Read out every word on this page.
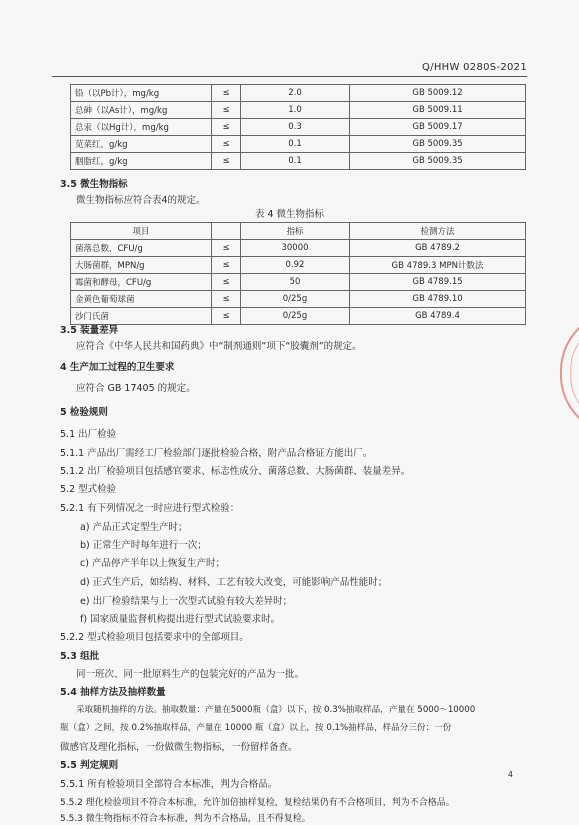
Q/HHW 0280S-2021
铅（以Pb计），mg/kg	≤	2.0	GB 5009.12
总砷（以As计），mg/kg	≤	1.0	GB 5009.11
总汞（以Hg计），mg/kg	≤	0.3	GB 5009.17
苋菜红，g/kg	≤	0.1	GB 5009.35
胭脂红，g/kg	≤	0.1	GB 5009.35
3.5 微生物指标
微生物指标应符合表4的规定。
表 4 微生物指标
项目		指标	检测方法
菌落总数，CFU/g	≤	30000	GB 4789.2
大肠菌群，MPN/g	≤	0.92	GB 4789.3 MPN计数法
霉菌和酵母，CFU/g	≤	50	GB 4789.15
金黄色葡萄球菌	≤	0/25g	GB 4789.10
沙门氏菌	≤	0/25g	GB 4789.4
3.5 装量差异
应符合《中华人民共和国药典》中“制剂通则”项下“胶囊剂”的规定。
4 生产加工过程的卫生要求
应符合 GB 17405 的规定。
5 检验规则
5.1 出厂检验
5.1.1 产品出厂需经工厂检验部门逐批检验合格，附产品合格证方能出厂。
5.1.2 出厂检验项目包括感官要求、标志性成分、菌落总数、大肠菌群、装量差异。
5.2 型式检验
5.2.1 有下列情况之一时应进行型式检验：
a) 产品正式定型生产时；
b) 正常生产时每年进行一次；
c) 产品停产半年以上恢复生产时；
d) 正式生产后，如结构、材料、工艺有较大改变，可能影响产品性能时；
e) 出厂检验结果与上一次型式试验有较大差异时；
f) 国家质量监督机构提出进行型式试验要求时。
5.2.2 型式检验项目包括要求中的全部项目。
5.3 组批
同一班次、同一批原料生产的包装完好的产品为一批。
5.4 抽样方法及抽样数量
采取随机抽样的方法。抽取数量：产量在5000瓶（盒）以下，按 0.3%抽取样品，产量在 5000～10000
瓶（盒）之间，按 0.2%抽取样品，产量在 10000 瓶（盒）以上，按 0.1%抽样品，样品分三份：一份
做感官及理化指标，一份做微生物指标，一份留样备查。
5.5 判定规则
5.5.1 所有检验项目全部符合本标准，判为合格品。
5.5.2 理化检验项目不符合本标准，允许加倍抽样复检，复检结果仍有不合格项目，判为不合格品。
5.5.3 微生物指标不符合本标准，判为不合格品，且不得复检。
4
